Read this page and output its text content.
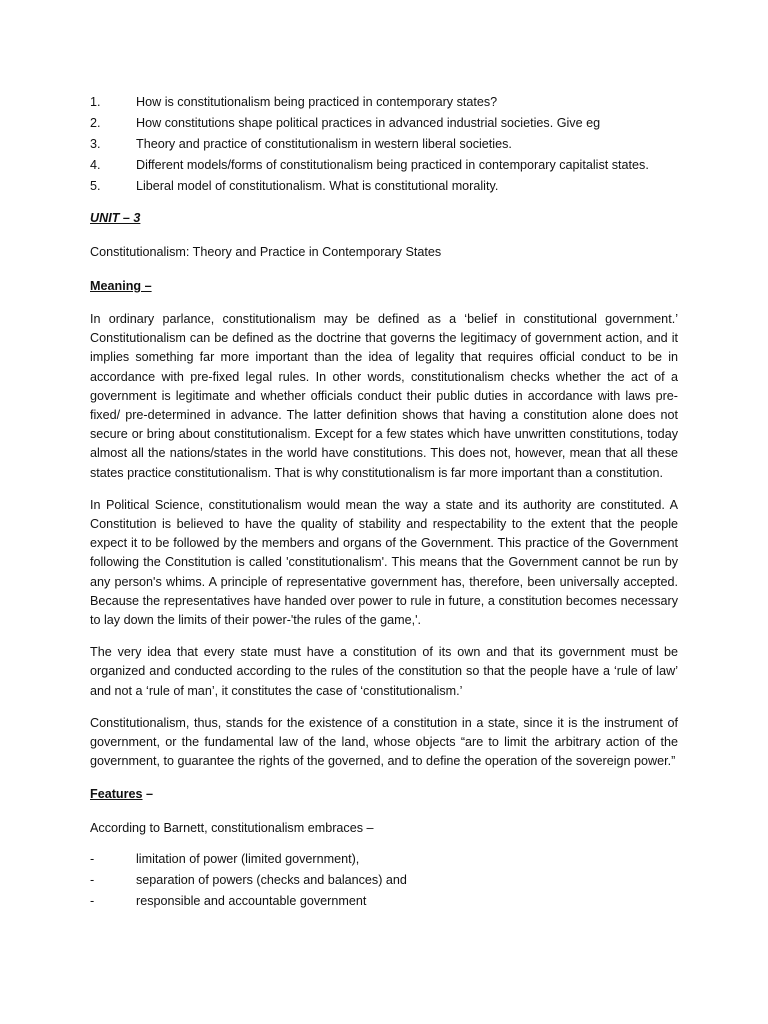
1.	How is constitutionalism being practiced in contemporary states?
2.	How constitutions shape political practices in advanced industrial societies. Give eg
3.	Theory and practice of constitutionalism in western liberal societies.
4.	Different models/forms of constitutionalism being practiced in contemporary capitalist states.
5.	Liberal model of constitutionalism. What is constitutional morality.

UNIT – 3

Constitutionalism: Theory and Practice in Contemporary States

Meaning –

In ordinary parlance, constitutionalism may be defined as a ‘belief in constitutional government.’ Constitutionalism can be defined as the doctrine that governs the legitimacy of government action, and it implies something far more important than the idea of legality that requires official conduct to be in accordance with pre-fixed legal rules. In other words, constitutionalism checks whether the act of a government is legitimate and whether officials conduct their public duties in accordance with laws pre-fixed/ pre-determined in advance. The latter definition shows that having a constitution alone does not secure or bring about constitutionalism. Except for a few states which have unwritten constitutions, today almost all the nations/states in the world have constitutions. This does not, however, mean that all these states practice constitutionalism. That is why constitutionalism is far more important than a constitution.

In Political Science, constitutionalism would mean the way a state and its authority are constituted. A Constitution is believed to have the quality of stability and respectability to the extent that the people expect it to be followed by the members and organs of the Government. This practice of the Government following the Constitution is called 'constitutionalism'. This means that the Government cannot be run by any person's whims. A principle of representative government has, therefore, been universally accepted. Because the representatives have handed over power to rule in future, a constitution becomes necessary to lay down the limits of their power-'the rules of the game,'.

The very idea that every state must have a constitution of its own and that its government must be organized and conducted according to the rules of the constitution so that the people have a ‘rule of law’ and not a ‘rule of man’, it constitutes the case of ‘constitutionalism.’

Constitutionalism, thus, stands for the existence of a constitution in a state, since it is the instrument of government, or the fundamental law of the land, whose objects “are to limit the arbitrary action of the government, to guarantee the rights of the governed, and to define the operation of the sovereign power.”

Features –

According to Barnett, constitutionalism embraces –

-	limitation of power (limited government),
-	separation of powers (checks and balances) and
-	responsible and accountable government
